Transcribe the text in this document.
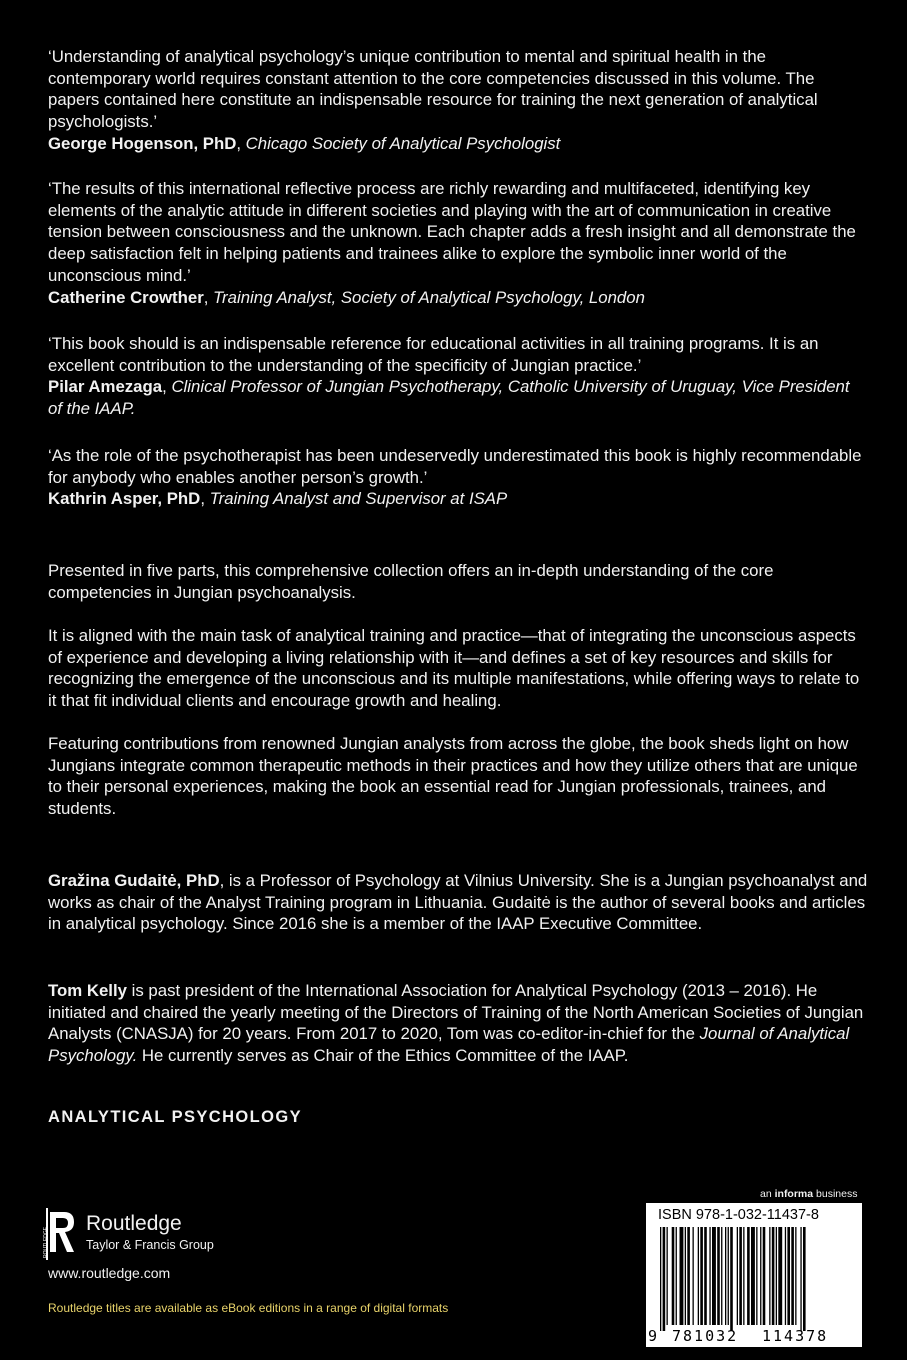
‘Understanding of analytical psychology’s unique contribution to mental and spiritual health in the contemporary world requires constant attention to the core competencies discussed in this volume. The papers contained here constitute an indispensable resource for training the next generation of analytical psychologists.’

George Hogenson, PhD, Chicago Society of Analytical Psychologist

‘The results of this international reflective process are richly rewarding and multifaceted, identifying key elements of the analytic attitude in different societies and playing with the art of communication in creative tension between consciousness and the unknown. Each chapter adds a fresh insight and all demonstrate the deep satisfaction felt in helping patients and trainees alike to explore the symbolic inner world of the unconscious mind.’

Catherine Crowther, Training Analyst, Society of Analytical Psychology, London

‘This book should is an indispensable reference for educational activities in all training programs. It is an excellent contribution to the understanding of the specificity of Jungian practice.’

Pilar Amezaga, Clinical Professor of Jungian Psychotherapy, Catholic University of Uruguay, Vice President of the IAAP.

‘As the role of the psychotherapist has been undeservedly underestimated this book is highly recommendable for anybody who enables another person’s growth.’

Kathrin Asper, PhD, Training Analyst and Supervisor at ISAP

Presented in five parts, this comprehensive collection offers an in-depth understanding of the core competencies in Jungian psychoanalysis.

It is aligned with the main task of analytical training and practice—that of integrating the unconscious aspects of experience and developing a living relationship with it—and defines a set of key resources and skills for recognizing the emergence of the unconscious and its multiple manifestations, while offering ways to relate to it that fit individual clients and encourage growth and healing.

Featuring contributions from renowned Jungian analysts from across the globe, the book sheds light on how Jungians integrate common therapeutic methods in their practices and how they utilize others that are unique to their personal experiences, making the book an essential read for Jungian professionals, trainees, and students.

Gražina Gudaitė, PhD, is a Professor of Psychology at Vilnius University. She is a Jungian psychoanalyst and works as chair of the Analyst Training program in Lithuania. Gudaitė is the author of several books and articles in analytical psychology. Since 2016 she is a member of the IAAP Executive Committee.

Tom Kelly is past president of the International Association for Analytical Psychology (2013 – 2016). He initiated and chaired the yearly meeting of the Directors of Training of the North American Societies of Jungian Analysts (CNASJA) for 20 years. From 2017 to 2020, Tom was co-editor-in-chief for the Journal of Analytical Psychology. He currently serves as Chair of the Ethics Committee of the IAAP.

ANALYTICAL PSYCHOLOGY
ROUTLEDGE
Routledge
Taylor & Francis Group
www.routledge.com
Routledge titles are available as eBook editions in a range of digital formats
an informa business
ISBN 978-1-032-11437-8
9 781032 114378
